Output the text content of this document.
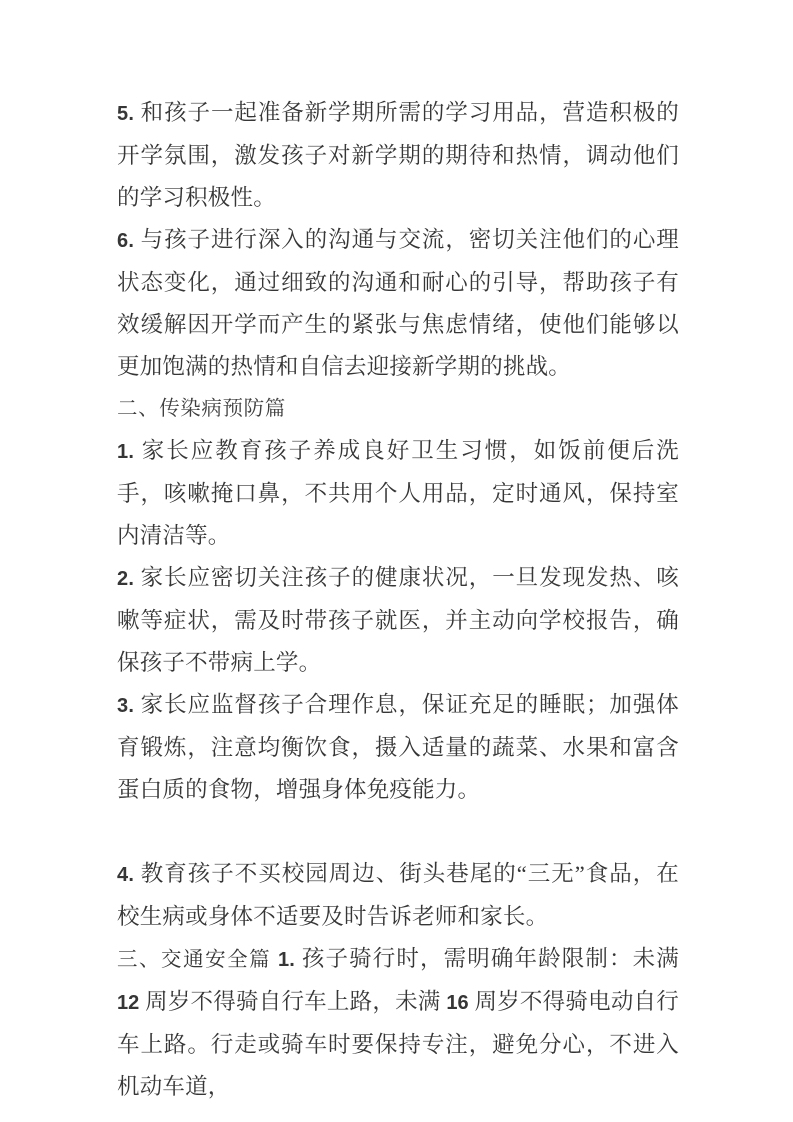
5. 和孩子一起准备新学期所需的学习用品，营造积极的开学氛围，激发孩子对新学期的期待和热情，调动他们的学习积极性。

6. 与孩子进行深入的沟通与交流，密切关注他们的心理状态变化，通过细致的沟通和耐心的引导，帮助孩子有效缓解因开学而产生的紧张与焦虑情绪，使他们能够以更加饱满的热情和自信去迎接新学期的挑战。

二、传染病预防篇

1. 家长应教育孩子养成良好卫生习惯，如饭前便后洗手，咳嗽掩口鼻，不共用个人用品，定时通风，保持室内清洁等。

2. 家长应密切关注孩子的健康状况，一旦发现发热、咳嗽等症状，需及时带孩子就医，并主动向学校报告，确保孩子不带病上学。

3. 家长应监督孩子合理作息，保证充足的睡眠；加强体育锻炼，注意均衡饮食，摄入适量的蔬菜、水果和富含蛋白质的食物，增强身体免疫能力。

4. 教育孩子不买校园周边、街头巷尾的“三无”食品，在校生病或身体不适要及时告诉老师和家长。

三、交通安全篇 1. 孩子骑行时，需明确年龄限制：未满 12 周岁不得骑自行车上路，未满 16 周岁不得骑电动自行车上路。行走或骑车时要保持专注，避免分心，不进入机动车道，
